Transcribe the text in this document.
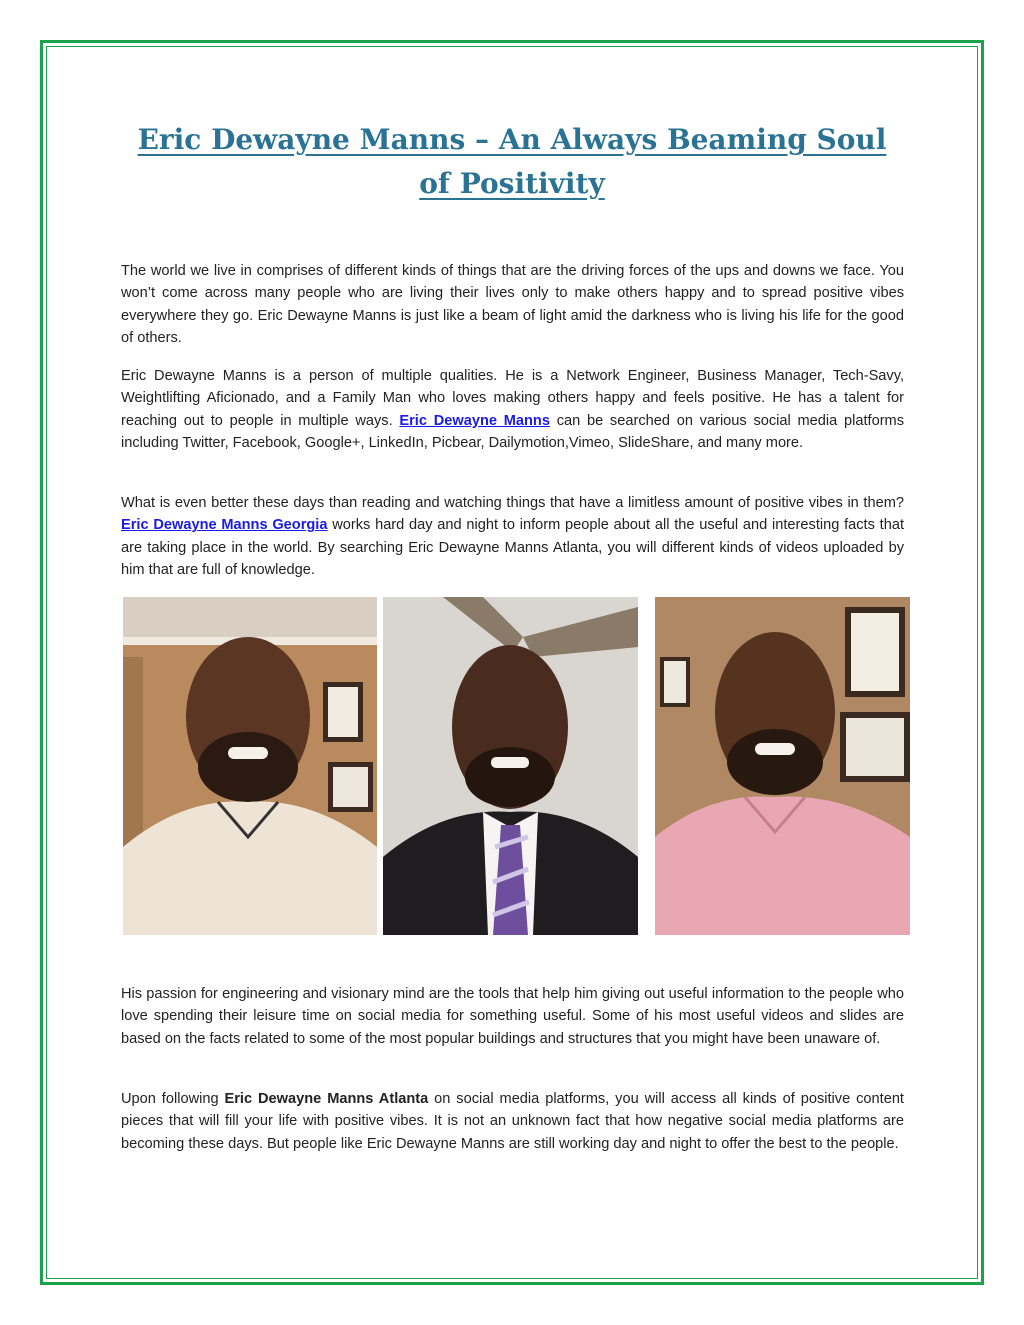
Eric Dewayne Manns – An Always Beaming Soul of Positivity

The world we live in comprises of different kinds of things that are the driving forces of the ups and downs we face. You won’t come across many people who are living their lives only to make others happy and to spread positive vibes everywhere they go. Eric Dewayne Manns is just like a beam of light amid the darkness who is living his life for the good of others.

Eric Dewayne Manns is a person of multiple qualities. He is a Network Engineer, Business Manager, Tech-Savy, Weightlifting Aficionado, and a Family Man who loves making others happy and feels positive. He has a talent for reaching out to people in multiple ways. Eric Dewayne Manns can be searched on various social media platforms including Twitter, Facebook, Google+, LinkedIn, Picbear, Dailymotion,Vimeo, SlideShare, and many more.

What is even better these days than reading and watching things that have a limitless amount of positive vibes in them? Eric Dewayne Manns Georgia works hard day and night to inform people about all the useful and interesting facts that are taking place in the world. By searching Eric Dewayne Manns Atlanta, you will different kinds of videos uploaded by him that are full of knowledge.

His passion for engineering and visionary mind are the tools that help him giving out useful information to the people who love spending their leisure time on social media for something useful. Some of his most useful videos and slides are based on the facts related to some of the most popular buildings and structures that you might have been unaware of.

Upon following Eric Dewayne Manns Atlanta on social media platforms, you will access all kinds of positive content pieces that will fill your life with positive vibes. It is not an unknown fact that how negative social media platforms are becoming these days. But people like Eric Dewayne Manns are still working day and night to offer the best to the people.
